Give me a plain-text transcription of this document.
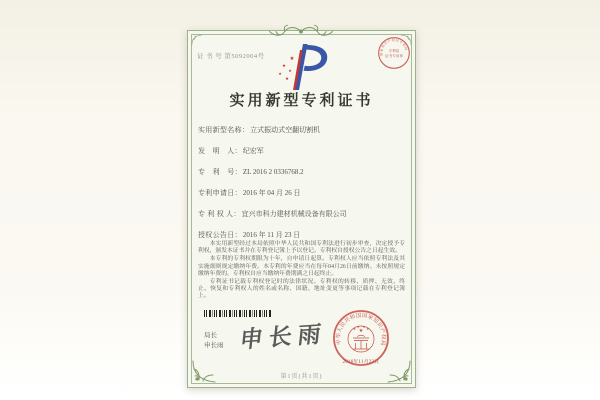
证 书 号 第5092004号	国家知识产权局专利局
专利局
证书专用章
★
★
★
★
★
实用新型专利证书
实用新型名称：立式振动式空翻切割机
发　明　人：纪宏军
专　利　号：ZL 2016 2 0336768.2
专利申请日：2016 年 04 月 26 日
专 利 权 人：宜兴市科力建材机械设备有限公司
授权公告日：2016 年 11 月 23 日

本实用新型经过本局依照中华人民共和国专利法进行初步审查，决定授予专利权，颁发本证书并在专利登记簿上予以登记。专利权自授权公告之日起生效。

本专利的专利权期限为十年，自申请日起算。专利权人应当依照专利法及其实施细则规定缴纳年费。本专利的年费应当在每年04月26日前缴纳。未按照规定缴纳年费的，专利权自应当缴纳年费期满之日起终止。

专利证书记载专利权登记时的法律状况。专利权的转移、质押、无效、终止、恢复和专利权人的姓名或名称、国籍、地址变更等事项记载在专利登记簿上。

局长
申长雨 申长雨	中华人民共和国国家知识产权局
★
★
★ ★
★
2016年11月23日
第1页(共1页)
